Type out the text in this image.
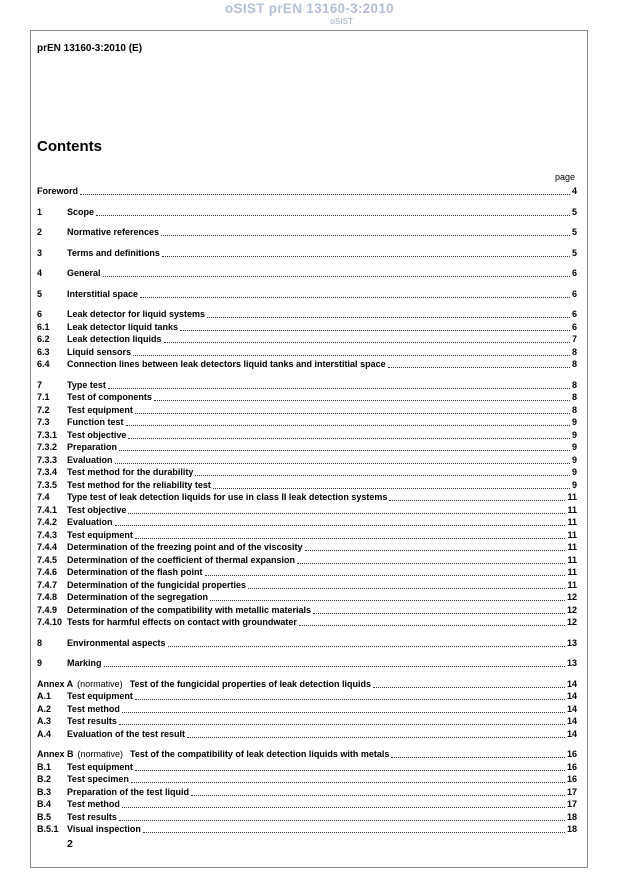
oSIST prEN 13160-3:2010
oSIST
prEN 13160-3:2010 (E)
Contents
page
Foreword	4
1	Scope	5
2	Normative references	5
3	Terms and definitions	5
4	General	6
5	Interstitial space	6
6	Leak detector for liquid systems	6
6.1	Leak detector liquid tanks	6
6.2	Leak detection liquids	7
6.3	Liquid sensors	8
6.4	Connection lines between leak detectors liquid tanks and interstitial space	8
7	Type test	8
7.1	Test of components	8
7.2	Test equipment	8
7.3	Function test	9
7.3.1	Test objective	9
7.3.2	Preparation	9
7.3.3	Evaluation	9
7.3.4	Test method for the durability	9
7.3.5	Test method for the reliability test	9
7.4	Type test of leak detection liquids for use in class II leak detection systems	11
7.4.1	Test objective	11
7.4.2	Evaluation	11
7.4.3	Test equipment	11
7.4.4	Determination of the freezing point and of the viscosity	11
7.4.5	Determination of the coefficient of thermal expansion	11
7.4.6	Determination of the flash point	11
7.4.7	Determination of the fungicidal properties	11
7.4.8	Determination of the segregation	12
7.4.9	Determination of the compatibility with metallic materials	12
7.4.10 Tests for harmful effects on contact with groundwater	12
8	Environmental aspects	13
9	Marking	13
Annex A (normative) Test of the fungicidal properties of leak detection liquids	14
A.1	Test equipment	14
A.2	Test method	14
A.3	Test results	14
A.4	Evaluation of the test result	14
Annex B (normative) Test of the compatibility of leak detection liquids with metals	16
B.1	Test equipment	16
B.2	Test specimen	16
B.3	Preparation of the test liquid	17
B.4	Test method	17
B.5	Test results	18
B.5.1 Visual inspection	18
2
